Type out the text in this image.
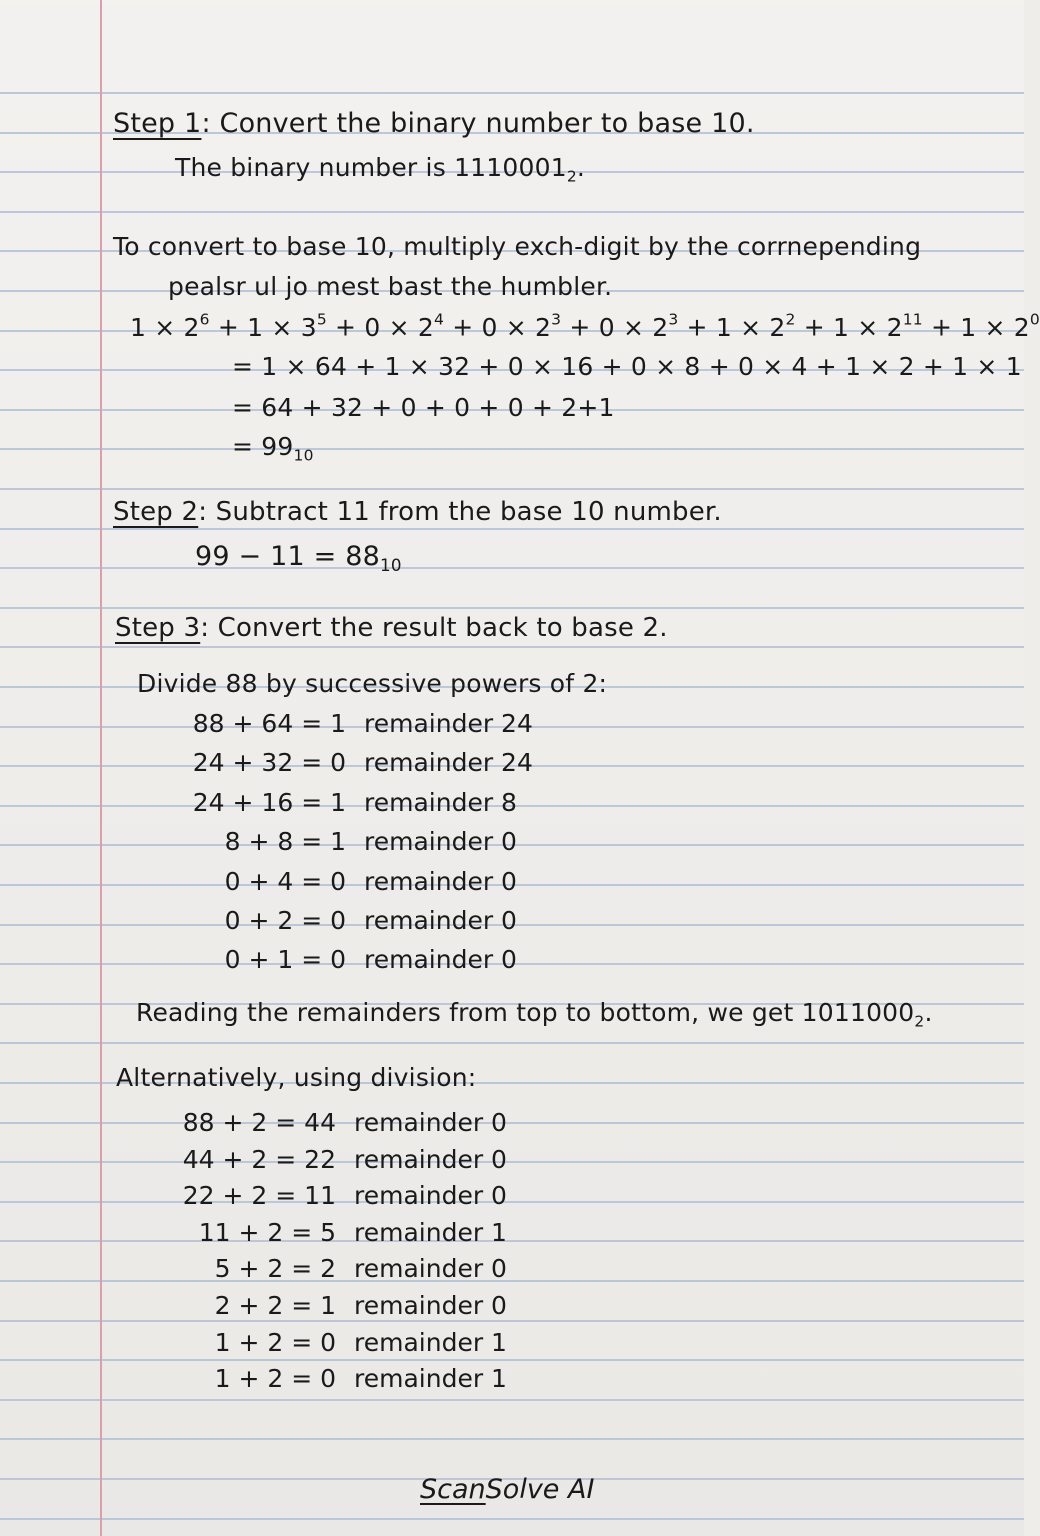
Step 1: Convert the binary number to base 10.
The binary number is $1110001_2$.
To convert to base 10, multiply exch-digit by the corrnepending
pealsr ul jo mest bast the humbler.
$1 \times 2^6 + 1 \times 3^5 + 0 \times 2^4 + 0 \times 2^3 + 0 \times 2^3 + 1 \times 2^2 + 1 \times 2^{11} + 1 \times 2^0$
= 1 × 64 + 1 × 32 + 0 × 16 + 0 × 8 + 0 × 4 + 1 × 2 + 1 × 1
= 64 + 32 + 0 + 0 + 0 + 2+1
= $99_{10}$
Step 2: Subtract 11 from the base 10 number.
$99 - 11 = 88_{10}$
Step 3: Convert the result back to base 2.
Divide 88 by successive powers of 2:
88 + 64 = 1 remainder 24
24 + 32 = 0 remainder 24
24 + 16 = 1 remainder 8
8 + 8 = 1 remainder 0
0 + 4 = 0 remainder 0
0 + 2 = 0 remainder 0
0 + 1 = 0 remainder 0
Reading the remainders from top to bottom, we get $1011000_2$.
Alternatively, using division:
88 + 2 = 44 remainder 0
44 + 2 = 22 remainder 0
22 + 2 = 11 remainder 0
11 + 2 = 5 remainder 1
5 + 2 = 2 remainder 0
2 + 2 = 1 remainder 0
1 + 2 = 0 remainder 1
1 + 2 = 0 remainder 1
ScanSolve AI
